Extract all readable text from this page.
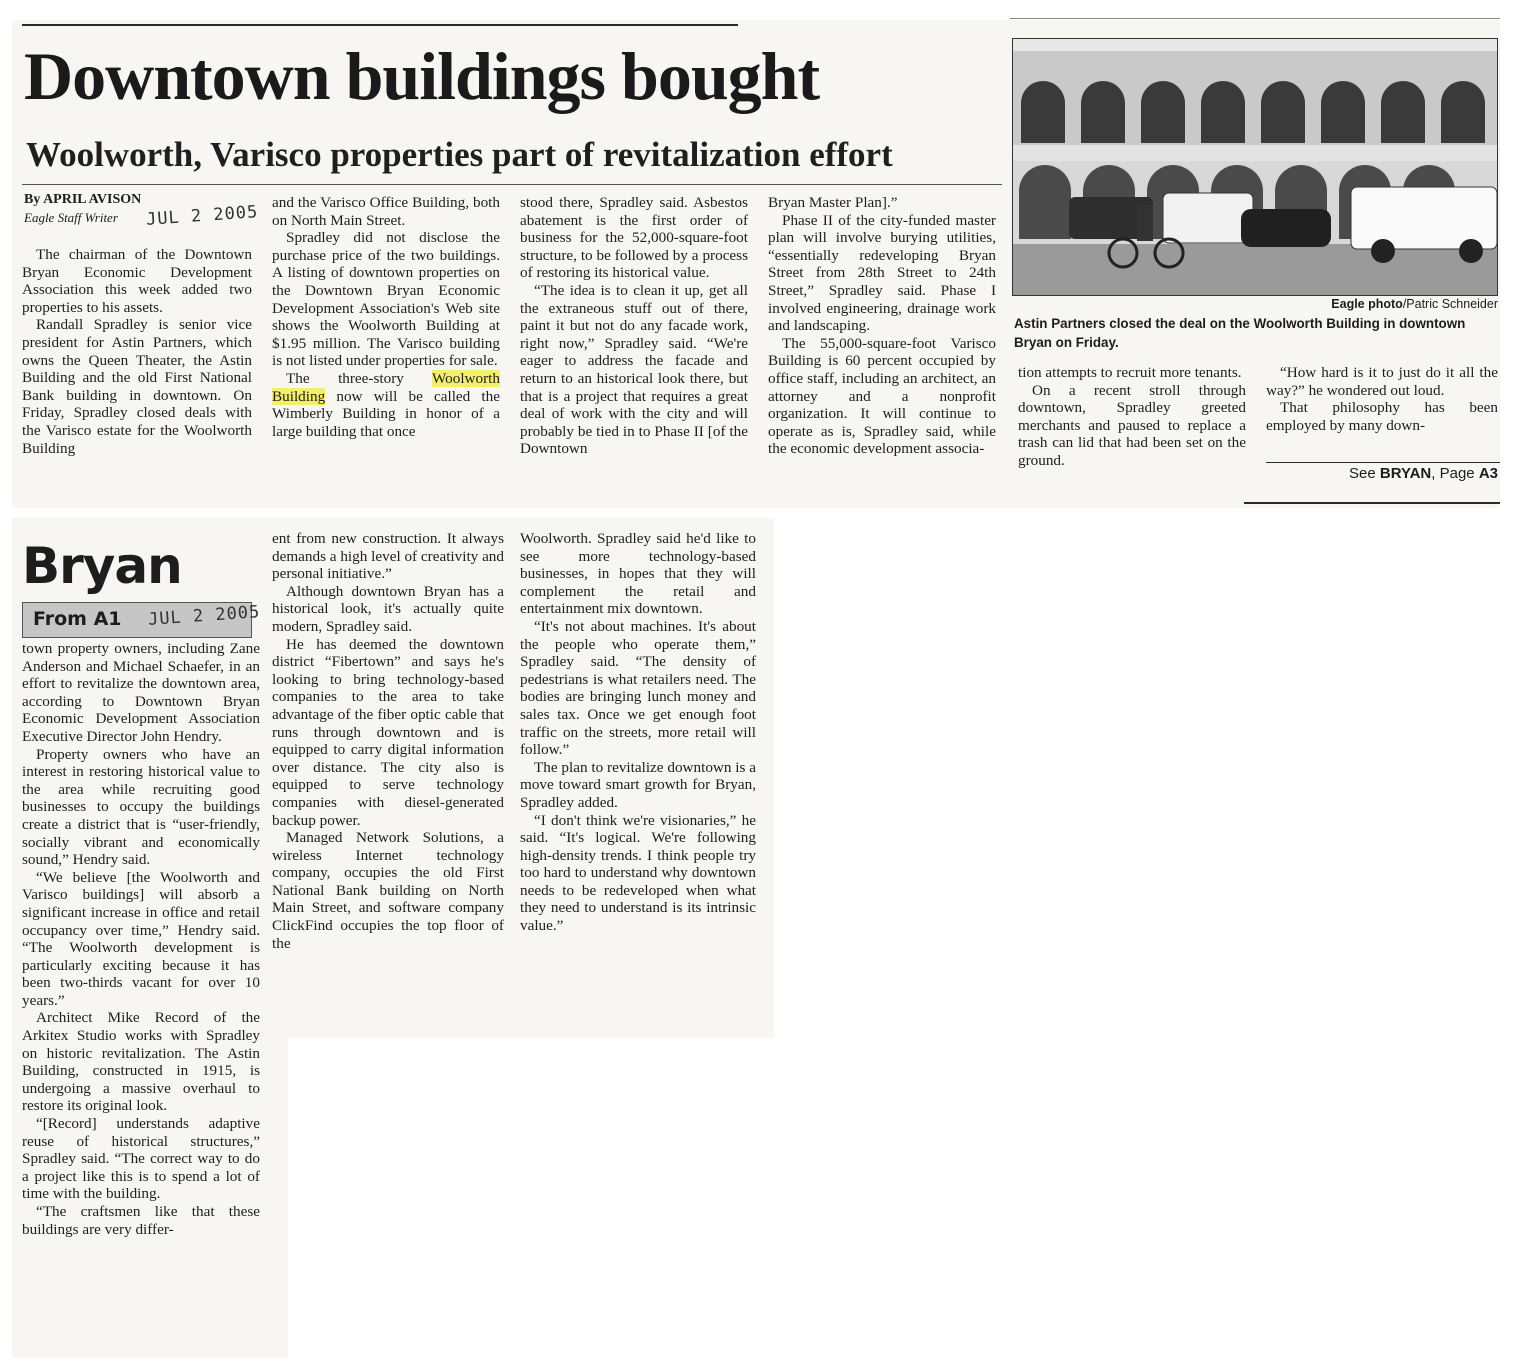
Downtown buildings bought
Woolworth, Varisco properties part of revitalization effort
By APRIL AVISON
Eagle Staff Writer JUL 2 2005

The chairman of the Downtown Bryan Economic Development Association this week added two properties to his assets.

Randall Spradley is senior vice president for Astin Partners, which owns the Queen Theater, the Astin Building and the old First National Bank building in downtown. On Friday, Spradley closed deals with the Varisco estate for the Woolworth Building

and the Varisco Office Building, both on North Main Street.

Spradley did not disclose the purchase price of the two buildings. A listing of downtown properties on the Downtown Bryan Economic Development Association's Web site shows the Woolworth Building at $1.95 million. The Varisco building is not listed under properties for sale.

The three-story Woolworth Building now will be called the Wimberly Building in honor of a large building that once

stood there, Spradley said. Asbestos abatement is the first order of business for the 52,000-square-foot structure, to be followed by a process of restoring its historical value.

“The idea is to clean it up, get all the extraneous stuff out of there, paint it but not do any facade work, right now,” Spradley said. “We're eager to address the facade and return to an historical look there, but that is a project that requires a great deal of work with the city and will probably be tied in to Phase II [of the Downtown

Bryan Master Plan].”

Phase II of the city-funded master plan will involve burying utilities, “essentially redeveloping Bryan Street from 28th Street to 24th Street,” Spradley said. Phase I involved engineering, drainage work and landscaping.

The 55,000-square-foot Varisco Building is 60 percent occupied by office staff, including an architect, an attorney and a nonprofit organization. It will continue to operate as is, Spradley said, while the economic development associa-

tion attempts to recruit more tenants.

On a recent stroll through downtown, Spradley greeted merchants and paused to replace a trash can lid that had been set on the ground.

“How hard is it to just do it all the way?” he wondered out loud.

That philosophy has been employed by many down-

Eagle photo/Patric Schneider
Astin Partners closed the deal on the Woolworth Building in downtown Bryan on Friday.
See BRYAN, Page A3
Bryan
From A1 JUL 2 2005

town property owners, including Zane Anderson and Michael Schaefer, in an effort to revitalize the downtown area, according to Downtown Bryan Economic Development Association Executive Director John Hendry.

Property owners who have an interest in restoring historical value to the area while recruiting good businesses to occupy the buildings create a district that is “user-friendly, socially vibrant and economically sound,” Hendry said.

“We believe [the Woolworth and Varisco buildings] will absorb a significant increase in office and retail occupancy over time,” Hendry said. “The Woolworth development is particularly exciting because it has been two-thirds vacant for over 10 years.”

Architect Mike Record of the Arkitex Studio works with Spradley on historic revitalization. The Astin Building, constructed in 1915, is undergoing a massive overhaul to restore its original look.

“[Record] understands adaptive reuse of historical structures,” Spradley said. “The correct way to do a project like this is to spend a lot of time with the building.

“The craftsmen like that these buildings are very differ-

ent from new construction. It always demands a high level of creativity and personal initiative.”

Although downtown Bryan has a historical look, it's actually quite modern, Spradley said.

He has deemed the downtown district “Fibertown” and says he's looking to bring technology-based companies to the area to take advantage of the fiber optic cable that runs through downtown and is equipped to carry digital information over distance. The city also is equipped to serve technology companies with diesel-generated backup power.

Managed Network Solutions, a wireless Internet technology company, occupies the old First National Bank building on North Main Street, and software company ClickFind occupies the top floor of the

Woolworth. Spradley said he'd like to see more technology-based businesses, in hopes that they will complement the retail and entertainment mix downtown.

“It's not about machines. It's about the people who operate them,” Spradley said. “The density of pedestrians is what retailers need. The bodies are bringing lunch money and sales tax. Once we get enough foot traffic on the streets, more retail will follow.”

The plan to revitalize downtown is a move toward smart growth for Bryan, Spradley added.

“I don't think we're visionaries,” he said. “It's logical. We're following high-density trends. I think people try too hard to understand why downtown needs to be redeveloped when what they need to understand is its intrinsic value.”
